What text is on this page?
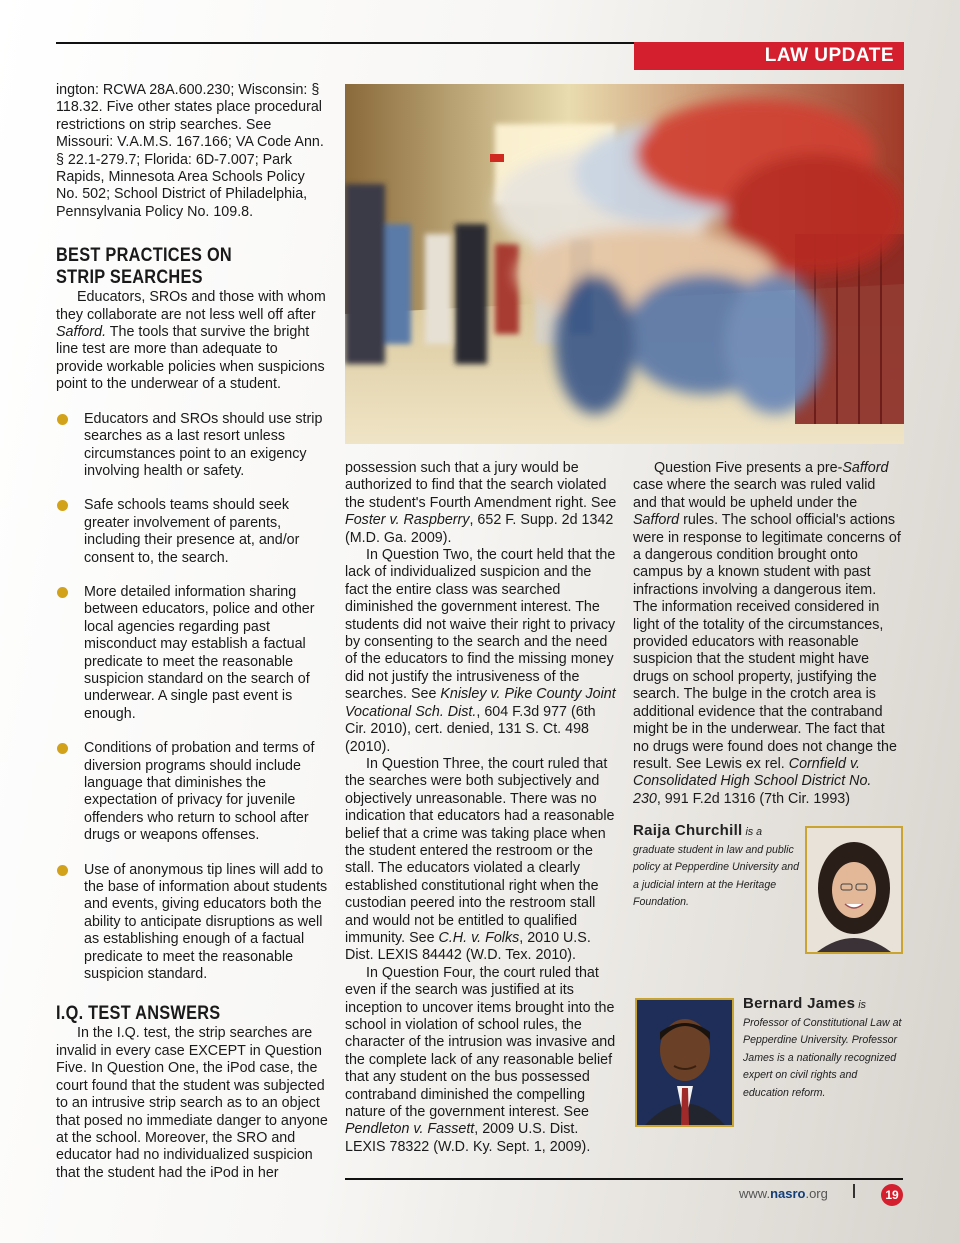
LAW UPDATE

ington: RCWA 28A.600.230; Wisconsin: § 118.32. Five other states place procedural restrictions on strip searches. See Missouri: V.A.M.S. 167.166; VA Code Ann. § 22.1-279.7; Florida: 6D-7.007; Park Rapids, Minnesota Area Schools Policy No. 502; School District of Philadelphia, Pennsylvania Policy No. 109.8.

BEST PRACTICES ON
STRIP SEARCHES

Educators, SROs and those with whom they collaborate are not less well off after Safford. The tools that survive the bright line test are more than adequate to provide workable policies when suspicions point to the underwear of a student.

Educators and SROs should use strip searches as a last resort unless circumstances point to an exigency involving health or safety.
Safe schools teams should seek greater involvement of parents, including their presence at, and/or consent to, the search.
More detailed information sharing between educators, police and other local agencies regarding past misconduct may establish a factual predicate to meet the reasonable suspicion standard on the search of underwear. A single past event is enough.
Conditions of probation and terms of diversion programs should include language that diminishes the expectation of privacy for juvenile offenders who return to school after drugs or weapons offenses.
Use of anonymous tip lines will add to the base of information about students and events, giving educators both the ability to anticipate disruptions as well as establishing enough of a factual predicate to meet the reasonable suspicion standard.
I.Q. TEST ANSWERS

In the I.Q. test, the strip searches are invalid in every case EXCEPT in Question Five. In Question One, the iPod case, the court found that the student was subjected to an intrusive strip search as to an object that posed no immediate danger to anyone at the school. Moreover, the SRO and educator had no individualized suspicion that the student had the iPod in her

possession such that a jury would be authorized to find that the search violated the student's Fourth Amendment right. See Foster v. Raspberry, 652 F. Supp. 2d 1342 (M.D. Ga. 2009).

In Question Two, the court held that the lack of individualized suspicion and the fact the entire class was searched diminished the government interest. The students did not waive their right to privacy by consenting to the search and the need of the educators to find the missing money did not justify the intrusiveness of the searches. See Knisley v. Pike County Joint Vocational Sch. Dist., 604 F.3d 977 (6th Cir. 2010), cert. denied, 131 S. Ct. 498 (2010).

In Question Three, the court ruled that the searches were both subjectively and objectively unreasonable. There was no indication that educators had a reasonable belief that a crime was taking place when the student entered the restroom or the stall. The educators violated a clearly established constitutional right when the custodian peered into the restroom stall and would not be entitled to qualified immunity. See C.H. v. Folks, 2010 U.S. Dist. LEXIS 84442 (W.D. Tex. 2010).

In Question Four, the court ruled that even if the search was justified at its inception to uncover items brought into the school in violation of school rules, the character of the intrusion was invasive and the complete lack of any reasonable belief that any student on the bus possessed contraband diminished the compelling nature of the government interest. See Pendleton v. Fassett, 2009 U.S. Dist. LEXIS 78322 (W.D. Ky. Sept. 1, 2009).

Question Five presents a pre-Safford case where the search was ruled valid and that would be upheld under the Safford rules. The school official's actions were in response to legitimate concerns of a dangerous condition brought onto campus by a known student with past infractions involving a dangerous item. The information received considered in light of the totality of the circumstances, provided educators with reasonable suspicion that the student might have drugs on school property, justifying the search. The bulge in the crotch area is additional evidence that the contraband might be in the underwear. The fact that no drugs were found does not change the result. See Lewis ex rel. Cornfield v. Consolidated High School District No. 230, 991 F.2d 1316 (7th Cir. 1993)

Raija Churchill is a graduate student in law and public policy at Pepperdine University and a judicial intern at the Heritage Foundation.
Bernard James is Professor of Constitutional Law at Pepperdine University. Professor James is a nationally recognized expert on civil rights and education reform.
www.nasro.org	19
